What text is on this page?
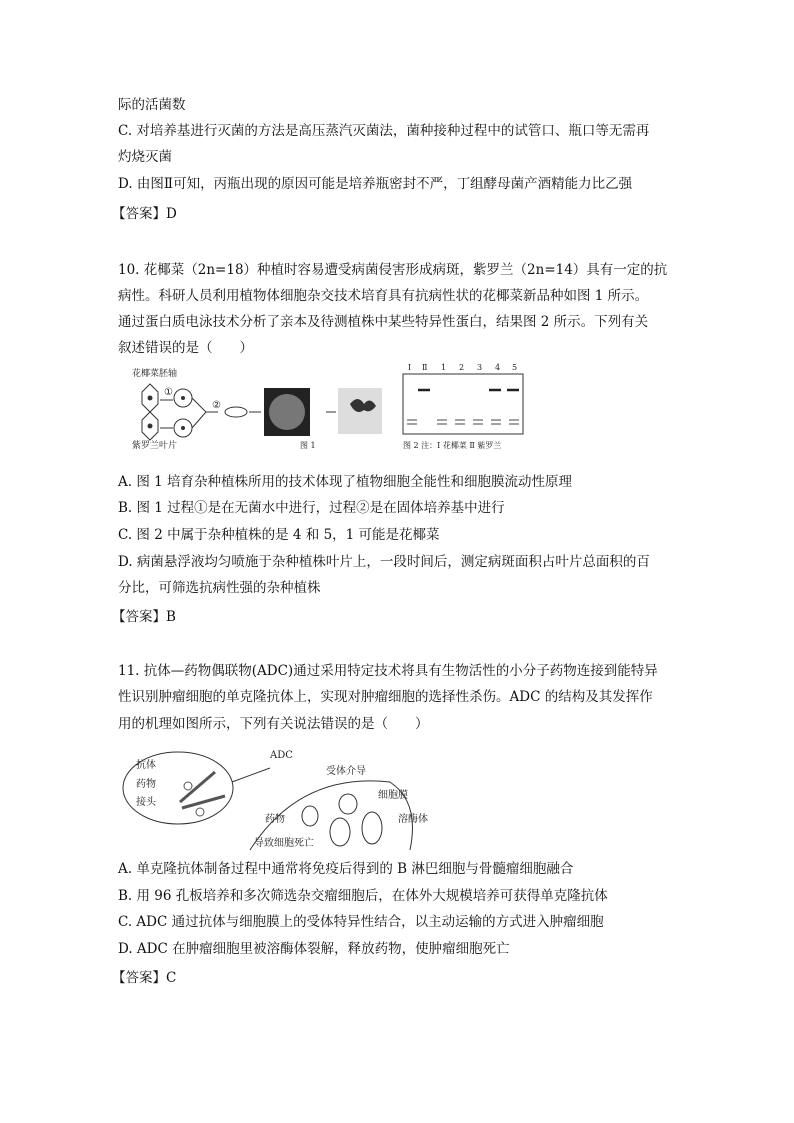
际的活菌数
C. 对培养基进行灭菌的方法是高压蒸汽灭菌法，菌种接种过程中的试管口、瓶口等无需再
灼烧灭菌
D. 由图Ⅱ可知，丙瓶出现的原因可能是培养瓶密封不严，丁组酵母菌产酒精能力比乙强
【答案】D
10. 花椰菜（2n=18）种植时容易遭受病菌侵害形成病斑，紫罗兰（2n=14）具有一定的抗
病性。科研人员利用植物体细胞杂交技术培育具有抗病性状的花椰菜新品种如图 1 所示。
通过蛋白质电泳技术分析了亲本及待测植株中某些特异性蛋白，结果图 2 所示。下列有关
叙述错误的是（　　）
花椰菜胚轴
紫罗兰叶片
①
②
图 1
Ⅰ Ⅱ 1 2 3 4 5
图 2 注：Ⅰ 花椰菜 Ⅱ 紫罗兰
A. 图 1 培育杂种植株所用的技术体现了植物细胞全能性和细胞膜流动性原理
B. 图 1 过程①是在无菌水中进行，过程②是在固体培养基中进行
C. 图 2 中属于杂种植株的是 4 和 5，1 可能是花椰菜
D. 病菌悬浮液均匀喷施于杂种植株叶片上，一段时间后，测定病斑面积占叶片总面积的百
分比，可筛选抗病性强的杂种植株
【答案】B
11. 抗体—药物偶联物(ADC)通过采用特定技术将具有生物活性的小分子药物连接到能特异
性识别肿瘤细胞的单克隆抗体上，实现对肿瘤细胞的选择性杀伤。ADC 的结构及其发挥作
用的机理如图所示，下列有关说法错误的是（　　）
抗体
药物
接头
ADC
受体介导
细胞膜
溶酶体
药物
导致细胞死亡
A. 单克隆抗体制备过程中通常将免疫后得到的 B 淋巴细胞与骨髓瘤细胞融合
B. 用 96 孔板培养和多次筛选杂交瘤细胞后，在体外大规模培养可获得单克隆抗体
C. ADC 通过抗体与细胞膜上的受体特异性结合，以主动运输的方式进入肿瘤细胞
D. ADC 在肿瘤细胞里被溶酶体裂解，释放药物，使肿瘤细胞死亡
【答案】C
